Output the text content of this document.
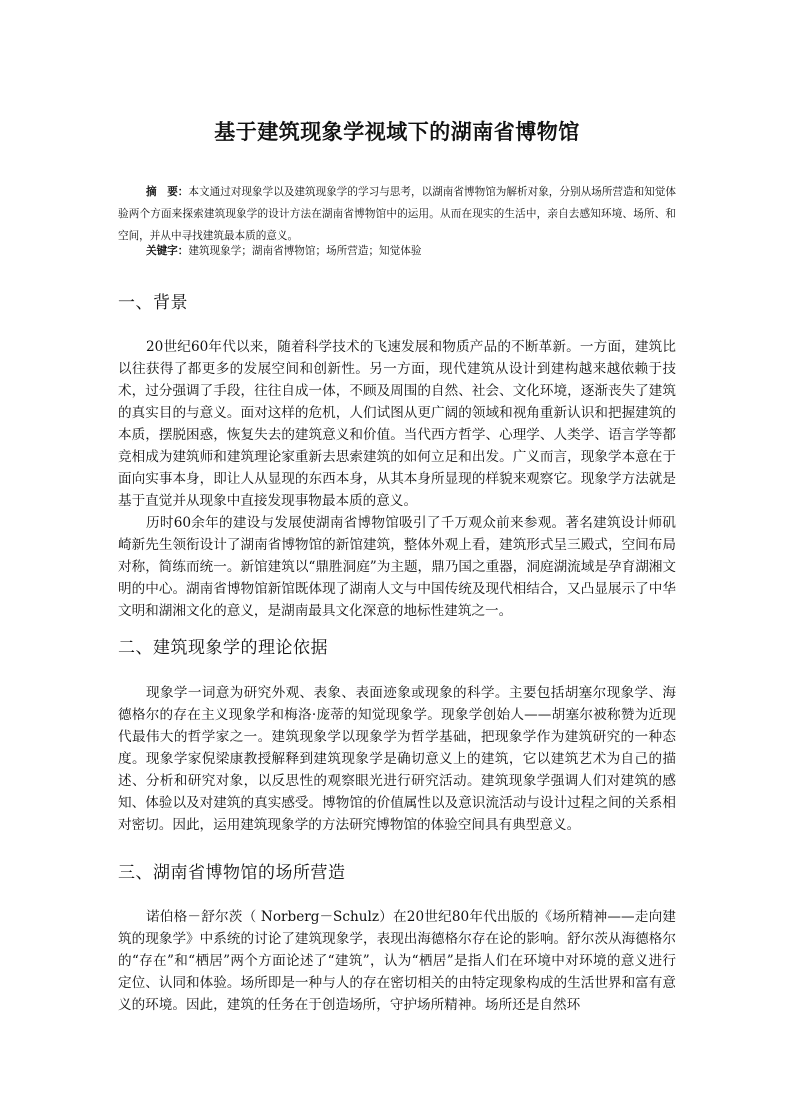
基于建筑现象学视域下的湖南省博物馆
摘　要：本文通过对现象学以及建筑现象学的学习与思考，以湖南省博物馆为解析对象，分别从场所营造和知觉体验两个方面来探索建筑现象学的设计方法在湖南省博物馆中的运用。从而在现实的生活中，亲自去感知环境、场所、和空间，并从中寻找建筑最本质的意义。
关键字：建筑现象学；湖南省博物馆；场所营造；知觉体验
一、背景

20世纪60年代以来，随着科学技术的飞速发展和物质产品的不断革新。一方面，建筑比以往获得了都更多的发展空间和创新性。另一方面，现代建筑从设计到建构越来越依赖于技术，过分强调了手段，往往自成一体，不顾及周围的自然、社会、文化环境，逐渐丧失了建筑的真实目的与意义。面对这样的危机，人们试图从更广阔的领域和视角重新认识和把握建筑的本质，摆脱困惑，恢复失去的建筑意义和价值。当代西方哲学、心理学、人类学、语言学等都竞相成为建筑师和建筑理论家重新去思索建筑的如何立足和出发。广义而言，现象学本意在于面向实事本身，即让人从显现的东西本身，从其本身所显现的样貌来观察它。现象学方法就是基于直觉并从现象中直接发现事物最本质的意义。

历时60余年的建设与发展使湖南省博物馆吸引了千万观众前来参观。著名建筑设计师矶崎新先生领衔设计了湖南省博物馆的新馆建筑，整体外观上看，建筑形式呈三殿式，空间布局对称，简练而统一。新馆建筑以“鼎胜洞庭”为主题，鼎乃国之重器，洞庭湖流域是孕育湖湘文明的中心。湖南省博物馆新馆既体现了湖南人文与中国传统及现代相结合，又凸显展示了中华文明和湖湘文化的意义，是湖南最具文化深意的地标性建筑之一。

二、建筑现象学的理论依据

现象学一词意为研究外观、表象、表面迹象或现象的科学。主要包括胡塞尔现象学、海德格尔的存在主义现象学和梅洛·庞蒂的知觉现象学。现象学创始人——胡塞尔被称赞为近现代最伟大的哲学家之一。建筑现象学以现象学为哲学基础，把现象学作为建筑研究的一种态度。现象学家倪梁康教授解释到建筑现象学是确切意义上的建筑，它以建筑艺术为自己的描述、分析和研究对象，以反思性的观察眼光进行研究活动。建筑现象学强调人们对建筑的感知、体验以及对建筑的真实感受。博物馆的价值属性以及意识流活动与设计过程之间的关系相对密切。因此，运用建筑现象学的方法研究博物馆的体验空间具有典型意义。

三、湖南省博物馆的场所营造

诺伯格－舒尔茨（ Norberg－Schulz）在20世纪80年代出版的《场所精神——走向建筑的现象学》中系统的讨论了建筑现象学，表现出海德格尔存在论的影响。舒尔茨从海德格尔的“存在”和“栖居”两个方面论述了“建筑”，认为“栖居”是指人们在环境中对环境的意义进行定位、认同和体验。场所即是一种与人的存在密切相关的由特定现象构成的生活世界和富有意义的环境。因此，建筑的任务在于创造场所，守护场所精神。场所还是自然环
